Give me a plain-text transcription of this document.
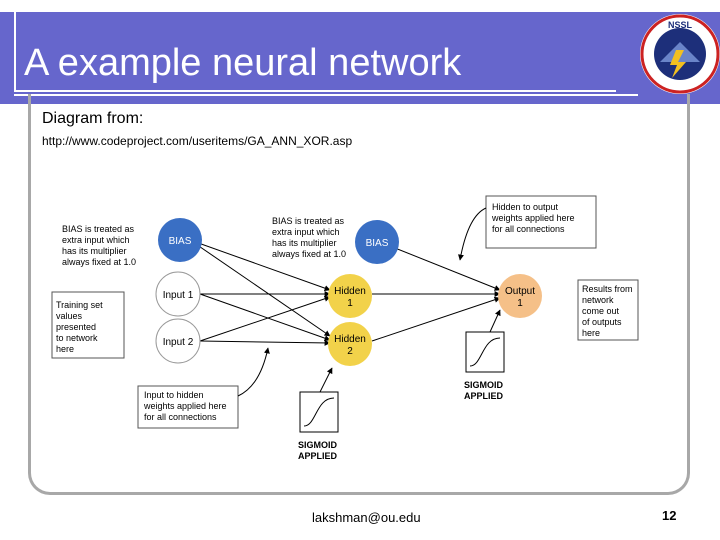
A example neural network
NSSL
Diagram from:
http://www.codeproject.com/useritems/GA_ANN_XOR.asp
BIAS	BIAS
Input 1
Input 2
Hidden
1
Hidden
2
Output
1
BIAS is treated as
extra input which
has its multiplier
always fixed at 1.0
BIAS is treated as
extra input which
has its multiplier
always fixed at 1.0
Training set
values
presented
to network
here
Hidden to output
weights applied here
for all connections
Results from
network
come out
of outputs
here
SIGMOID
APPLIED
Input to hidden
weights applied here
for all connections
SIGMOID
APPLIED
lakshman@ou.edu	12
